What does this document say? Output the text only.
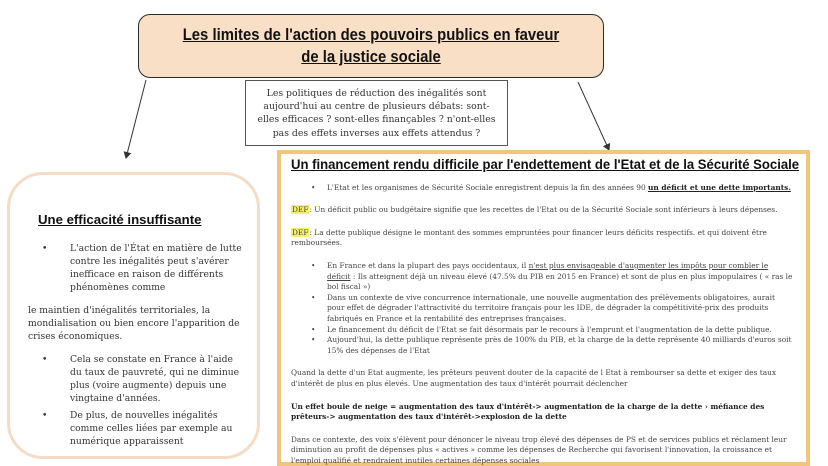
Les limites de l'action des pouvoirs publics en faveur de la justice sociale
Les politiques de réduction des inégalités sont aujourd'hui au centre de plusieurs débats: sont-elles efficaces ? sont-elles finançables ? n'ont-elles pas des effets inverses aux effets attendus ?
Une efficacité insuffisante
• L'action de l'État en matière de lutte contre les inégalités peut s'avérer inefficace en raison de différents phénomènes comme

le maintien d'inégalités territoriales, la mondialisation ou bien encore l'apparition de crises économiques.

• Cela se constate en France à l'aide du taux de pauvreté, qui ne diminue plus (voire augmente) depuis une vingtaine d'années.
• De plus, de nouvelles inégalités comme celles liées par exemple au numérique apparaissent
Un financement rendu difficile par l'endettement de l'Etat et de la Sécurité Sociale
• L'Etat et les organismes de Sécurité Sociale enregistrent depuis la fin des années 90 un déficit et une dette importants.

DEF: Un déficit public ou budgétaire signifie que les recettes de l'Etat ou de la Sécurité Sociale sont inférieurs à leurs dépenses.

DEF: La dette publique désigne le montant des sommes empruntées pour financer leurs déficits respectifs. et qui doivent être remboursées.

• En France et dans la plupart des pays occidentaux, il n'est plus envisageable d'augmenter les impôts pour combler le déficit : Ils atteignent déjà un niveau élevé (47.5% du PIB en 2015 en France) et sont de plus en plus impopulaires ( « ras le bol fiscal »)
• Dans un contexte de vive concurrence internationale, une nouvelle augmentation des prélèvements obligatoires, aurait pour effet de dégrader l'attractivité du territoire français pour les IDE, de dégrader la compétitivité-prix des produits fabriqués en France et la rentabilité des entreprises françaises.
• Le financement du déficit de l'Etat se fait désormais par le recours à l'emprunt et l'augmentation de la dette publique.
• Aujourd'hui, la dette publique représente près de 100% du PIB, et la charge de la dette représente 40 milliards d'euros soit 15% des dépenses de l'Etat

Quand la dette d'un Etat augmente, les prêteurs peuvent douter de la capacité de l Etat à rembourser sa dette et exiger des taux d'intérêt de plus en plus élevés. Une augmentation des taux d'intérêt pourrait déclencher

Un effet boule de neige = augmentation des taux d'intérêt-> augmentation de la charge de la dette › méfiance des prêteurs-> augmentation des taux d'intérêt->explosion de la dette

Dans ce contexte, des voix s'élèvent pour dénoncer le niveau trop élevé des dépenses de PS et de services publics et réclament leur diminution au profit de dépenses plus « actives » comme les dépenses de Recherche qui favorisent l'innovation, la croissance et l'emploi qualifié et rendraient inutiles certaines dépenses sociales
